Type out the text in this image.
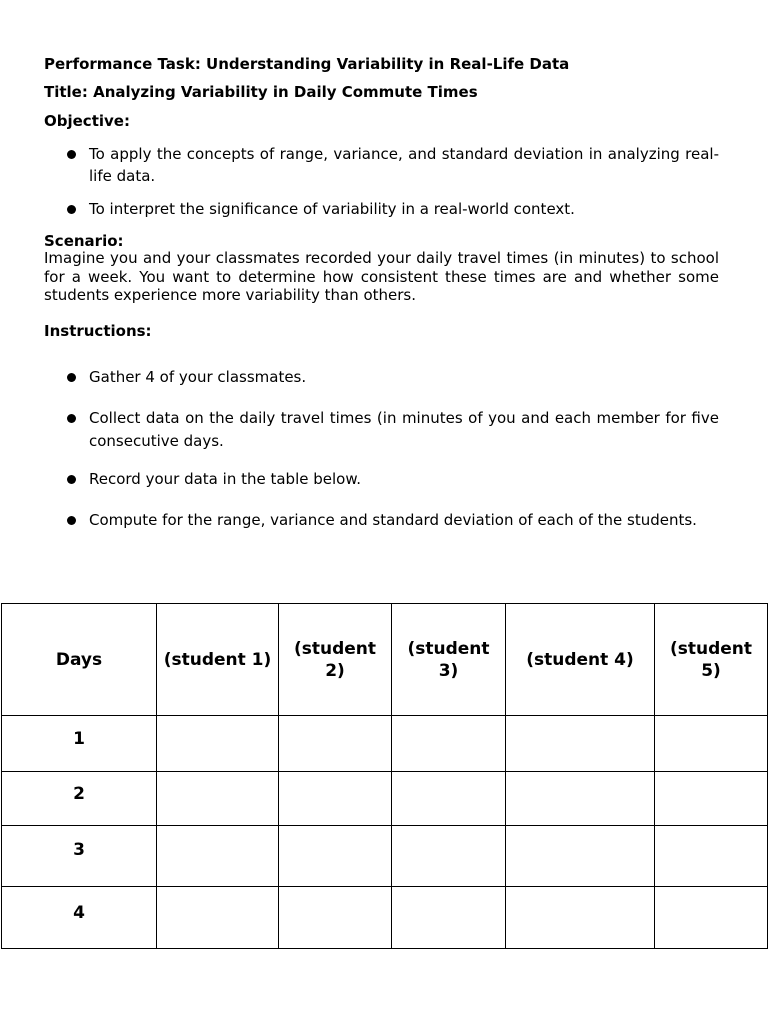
Performance Task: Understanding Variability in Real-Life Data
Title: Analyzing Variability in Daily Commute Times
Objective:
To apply the concepts of range, variance, and standard deviation in analyzing real-life data.
To interpret the significance of variability in a real-world context.
Scenario:
Imagine you and your classmates recorded your daily travel times (in minutes) to school for a week. You want to determine how consistent these times are and whether some students experience more variability than others.
Instructions:
Gather 4 of your classmates.
Collect data on the daily travel times (in minutes of you and each member for five consecutive days.
Record your data in the table below.
Compute for the range, variance and standard deviation of each of the students.
Days	(student 1)	(student 2)	(student 3)	(student 4)	(student 5)
1					
2					
3					
4					
